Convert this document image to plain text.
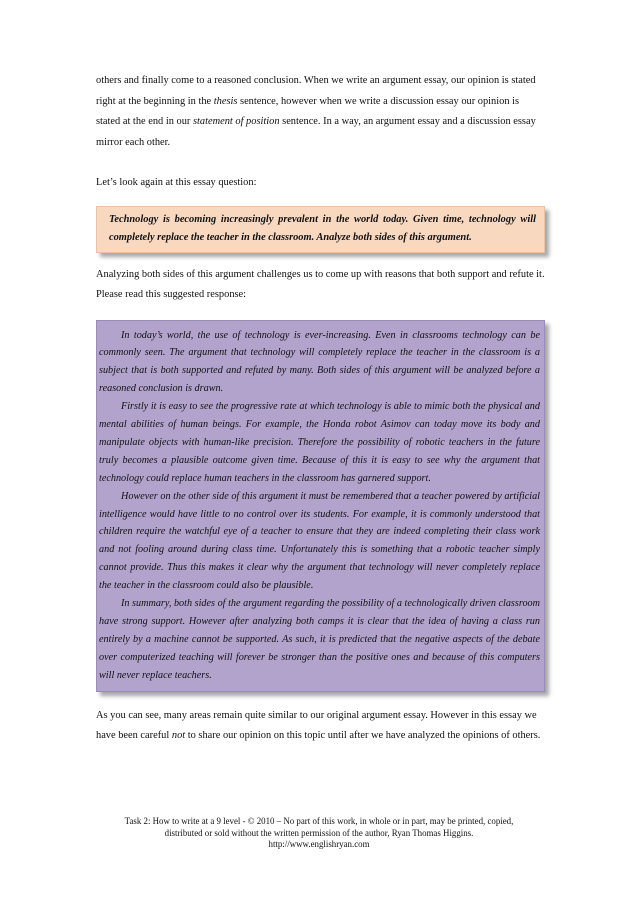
others and finally come to a reasoned conclusion. When we write an argument essay, our opinion is stated right at the beginning in the thesis sentence, however when we write a discussion essay our opinion is stated at the end in our statement of position sentence. In a way, an argument essay and a discussion essay mirror each other.

Let’s look again at this essay question:

Technology is becoming increasingly prevalent in the world today. Given time, technology will completely replace the teacher in the classroom. Analyze both sides of this argument.

Analyzing both sides of this argument challenges us to come up with reasons that both support and refute it. Please read this suggested response:

In today’s world, the use of technology is ever-increasing. Even in classrooms technology can be commonly seen. The argument that technology will completely replace the teacher in the classroom is a subject that is both supported and refuted by many. Both sides of this argument will be analyzed before a reasoned conclusion is drawn.

Firstly it is easy to see the progressive rate at which technology is able to mimic both the physical and mental abilities of human beings. For example, the Honda robot Asimov can today move its body and manipulate objects with human-like precision. Therefore the possibility of robotic teachers in the future truly becomes a plausible outcome given time. Because of this it is easy to see why the argument that technology could replace human teachers in the classroom has garnered support.

However on the other side of this argument it must be remembered that a teacher powered by artificial intelligence would have little to no control over its students. For example, it is commonly understood that children require the watchful eye of a teacher to ensure that they are indeed completing their class work and not fooling around during class time. Unfortunately this is something that a robotic teacher simply cannot provide. Thus this makes it clear why the argument that technology will never completely replace the teacher in the classroom could also be plausible.

In summary, both sides of the argument regarding the possibility of a technologically driven classroom have strong support. However after analyzing both camps it is clear that the idea of having a class run entirely by a machine cannot be supported. As such, it is predicted that the negative aspects of the debate over computerized teaching will forever be stronger than the positive ones and because of this computers will never replace teachers.

As you can see, many areas remain quite similar to our original argument essay. However in this essay we have been careful not to share our opinion on this topic until after we have analyzed the opinions of others.

Task 2: How to write at a 9 level - © 2010 – No part of this work, in whole or in part, may be printed, copied,
distributed or sold without the written permission of the author, Ryan Thomas Higgins.
http://www.englishryan.com
